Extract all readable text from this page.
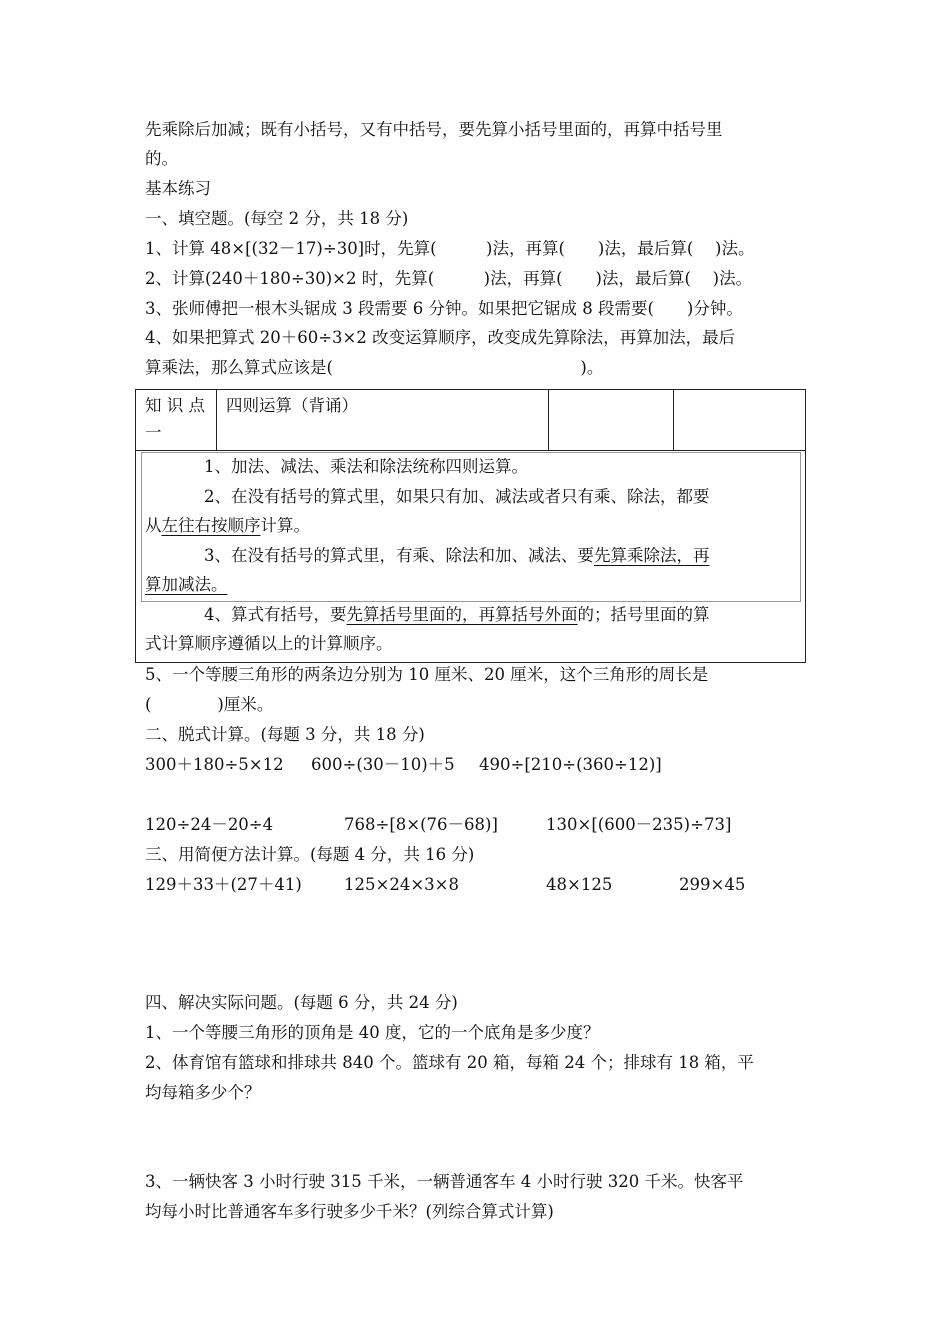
先乘除后加减；既有小括号，又有中括号，要先算小括号里面的，再算中括号里
的。
基本练习
一、填空题。(每空 2 分，共 18 分)
1、计算 48×[(32－17)÷30]时，先算(　　　)法，再算(　　)法，最后算(　 )法。
2、计算(240＋180÷30)×2 时，先算(　　　)法，再算(　　)法，最后算(　 )法。
3、张师傅把一根木头锯成 3 段需要 6 分钟。如果把它锯成 8 段需要(　　)分钟。
4、如果把算式 20＋60÷3×2 改变运算顺序，改变成先算除法，再算加法，最后
算乘法，那么算式应该是(　　　　　　　　　　　　　　　)。
知 识 点
一
四则运算（背诵）
1、加法、减法、乘法和除法统称四则运算。
2、在没有括号的算式里，如果只有加、减法或者只有乘、除法，都要
从左往右按顺序计算。
3、在没有括号的算式里，有乘、除法和加、减法、要先算乘除法，再
算加减法。
4、算式有括号，要先算括号里面的，再算括号外面的；括号里面的算
式计算顺序遵循以上的计算顺序。
5、一个等腰三角形的两条边分别为 10 厘米、20 厘米，这个三角形的周长是
(　　　　)厘米。
二、脱式计算。(每题 3 分，共 18 分)
300＋180÷5×12 600÷(30－10)＋5 490÷[210÷(360÷12)]
120÷24－20÷4	768÷[8×(76－68)]	130×[(600－235)÷73]
三、用简便方法计算。(每题 4 分，共 16 分)
129＋33＋(27＋41)	125×24×3×8	48×125	299×45
四、解决实际问题。(每题 6 分，共 24 分)
1、一个等腰三角形的顶角是 40 度，它的一个底角是多少度？
2、体育馆有篮球和排球共 840 个。篮球有 20 箱，每箱 24 个；排球有 18 箱，平
均每箱多少个？
3、一辆快客 3 小时行驶 315 千米，一辆普通客车 4 小时行驶 320 千米。快客平
均每小时比普通客车多行驶多少千米？(列综合算式计算)
